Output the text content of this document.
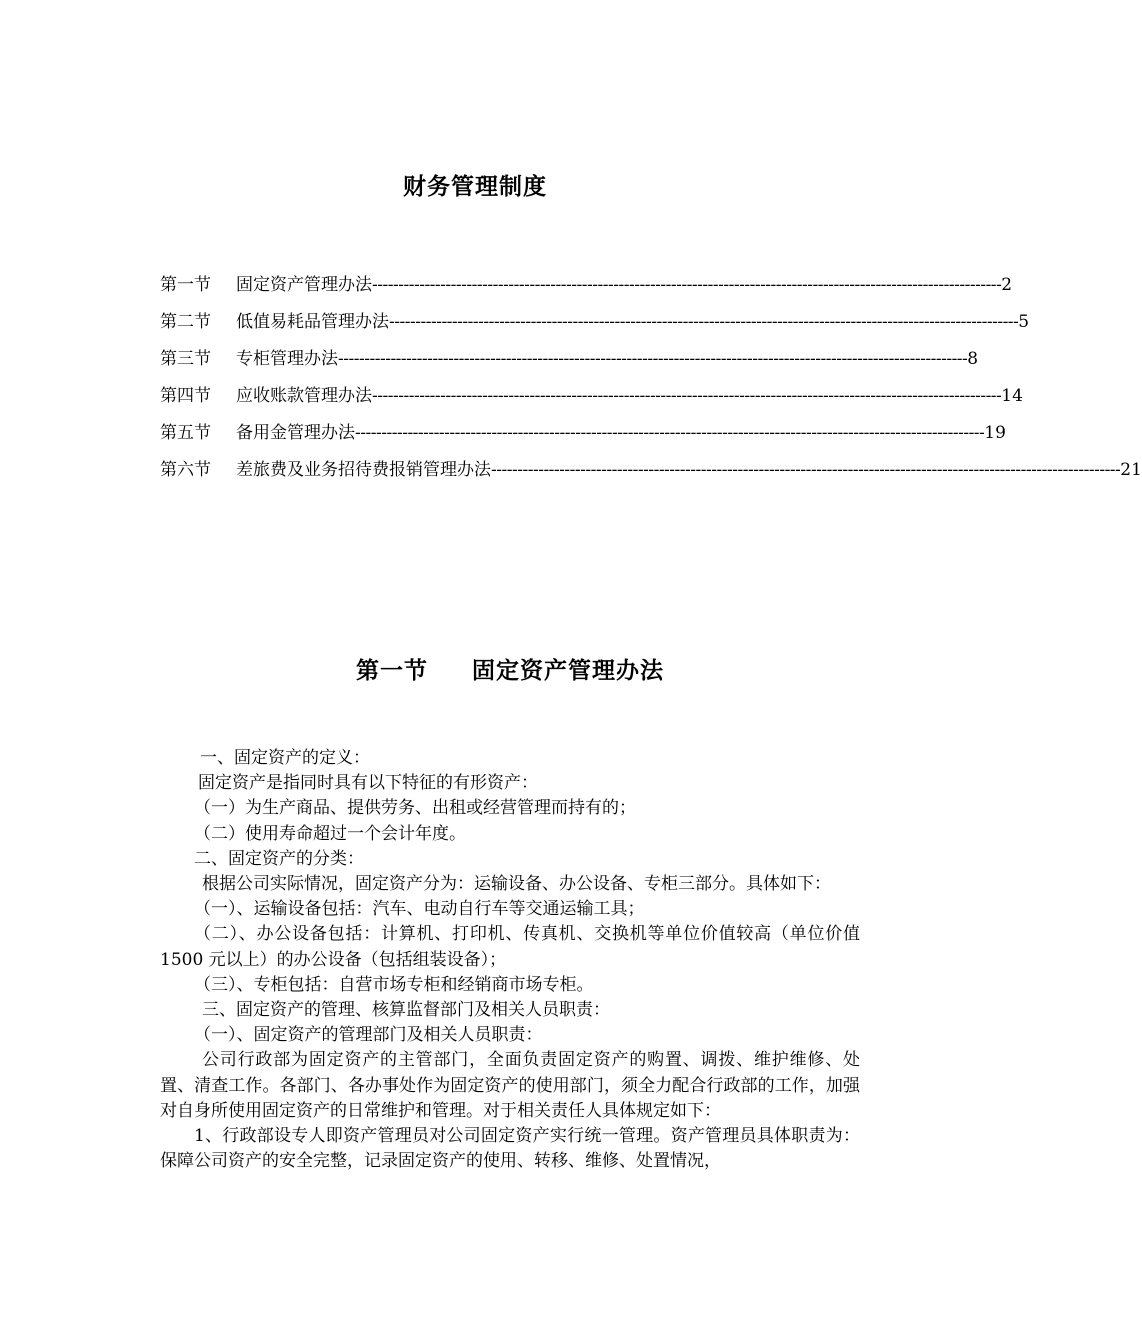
财务管理制度
第一节	固定资产管理办法 ------------------------------------------------------------------------------------------------------------------------ 2
第二节	低值易耗品管理办法 ------------------------------------------------------------------------------------------------------------------------ 5
第三节	专柜管理办法 ------------------------------------------------------------------------------------------------------------------------ 8
第四节	应收账款管理办法 ------------------------------------------------------------------------------------------------------------------------ 14
第五节	备用金管理办法 ------------------------------------------------------------------------------------------------------------------------ 19
第六节	差旅费及业务招待费报销管理办法 ------------------------------------------------------------------------------------------------------------------------ 21
第一节 固定资产管理办法

一、固定资产的定义：

固定资产是指同时具有以下特征的有形资产：

（一）为生产商品、提供劳务、出租或经营管理而持有的；

（二）使用寿命超过一个会计年度。

二、固定资产的分类：

根据公司实际情况，固定资产分为：运输设备、办公设备、专柜三部分。具体如下：

（一）、运输设备包括：汽车、电动自行车等交通运输工具；

（二）、办公设备包括：计算机、打印机、传真机、交换机等单位价值较高（单位价值 1500 元以上）的办公设备（包括组装设备）；

（三）、专柜包括：自营市场专柜和经销商市场专柜。

三、固定资产的管理、核算监督部门及相关人员职责：

（一）、固定资产的管理部门及相关人员职责：

公司行政部为固定资产的主管部门，全面负责固定资产的购置、调拨、维护维修、处置、清查工作。各部门、各办事处作为固定资产的使用部门，须全力配合行政部的工作，加强对自身所使用固定资产的日常维护和管理。对于相关责任人具体规定如下：

1、行政部设专人即资产管理员对公司固定资产实行统一管理。资产管理员具体职责为：保障公司资产的安全完整，记录固定资产的使用、转移、维修、处置情况，
